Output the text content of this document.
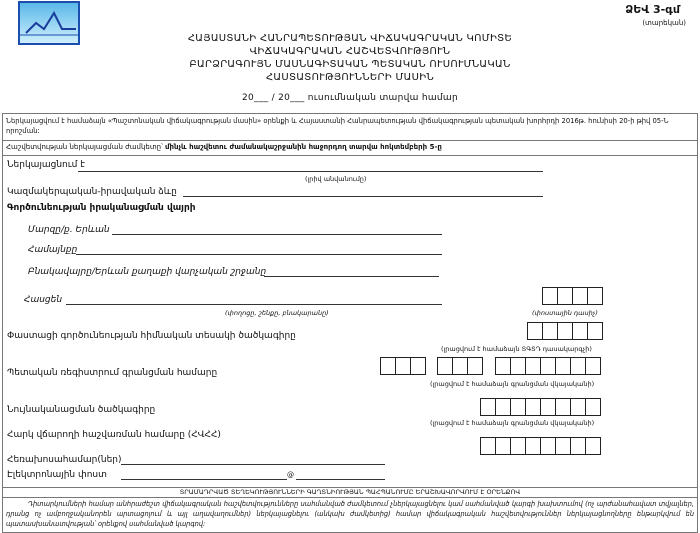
ՁԵՎ 3-գմ
(տարեկան)
ՀԱՅԱՍՏԱՆԻ ՀԱՆՐԱՊԵՏՈՒԹՅԱՆ ՎԻՃԱԿԱԳՐԱԿԱՆ ԿՈՄԻՏԵ
ՎԻՃԱԿԱԳՐԱԿԱՆ ՀԱՇՎԵՏՎՈՒԹՅՈՒՆ
ԲԱՐՁՐԱԳՈՒՅՆ ՄԱՍՆԱԳԻՏԱԿԱՆ ՊԵՏԱԿԱՆ ՈՒՍՈՒՄՆԱԿԱՆ
ՀԱՍՏԱՏՈՒԹՅՈՒՆՆԵՐԻ ՄԱՍԻՆ
20___ / 20___ ուսումնական տարվա համար
Ներկայացվում է համաձայն «Պաշտոնական վիճակագրության մասին» օրենքի և Հայաստանի Հանրապետության վիճակագրության պետական խորհրդի 2016թ. հունիսի 20-ի թիվ 05-Ն որոշման:
Հաշվետվության ներկայացման ժամկետը՝ մինչև հաշվետու ժամանակաշրջանին հաջորդող տարվա հոկտեմբերի 5-ը
Ներկայացնում է
(լրիվ անվանումը)
Կազմակերպական-իրավական ձևը
Գործունեության իրականացման վայրի
Մարզը/ք. Երևան
Համայնքը
Բնակավայրը/Երևան քաղաքի վարչական շրջանը
Հասցեն
(փողոցը, շենքը, բնակարանը)	(փոստային դասիչ)
Փաստացի գործունեության հիմնական տեսակի ծածկագիրը
(լրացվում է համաձայն ՏԳՏԴ դասակարգչի)
Պետական ռեգիստրում գրանցման համարը
(լրացվում է համաձայն գրանցման վկայականի)
Նույնականացման ծածկագիրը
(լրացվում է համաձայն գրանցման վկայականի)
Հարկ վճարողի հաշվառման համարը (ՀՎՀՀ)
Հեռախոսահամար(ներ)
Էլեկտրոնային փոստ	@
ՏՐԱՄԱԴՐՎԱԾ ՏԵՂԵԿՈՒԹՅՈՒՆՆԵՐԻ ԳԱՂՏՆԻՈՒԹՅԱՆ ՊԱՀՊԱՆՈՒՄԸ ԵՐԱՇԽԱՎՈՐՎՈՒՄ Է ՕՐԵՆՔՈՎ
Դիտարկումների համար անհրաժեշտ վիճակագրական հաշվետվությունները սահմանված ժամկետում չներկայացնելու կամ սահմանված կարգի խախտումով (ոչ արժանահավատ տվյալներ, դրանց ոչ ամբողջականորեն արտացոլում և այլ աղավաղումներ) ներկայացնելու (անկախ ժամկետից) համար վիճակագրական հաշվետվություններ ներկայացնողները ենթարկվում են պատասխանատվության՝ օրենքով սահմանված կարգով:
